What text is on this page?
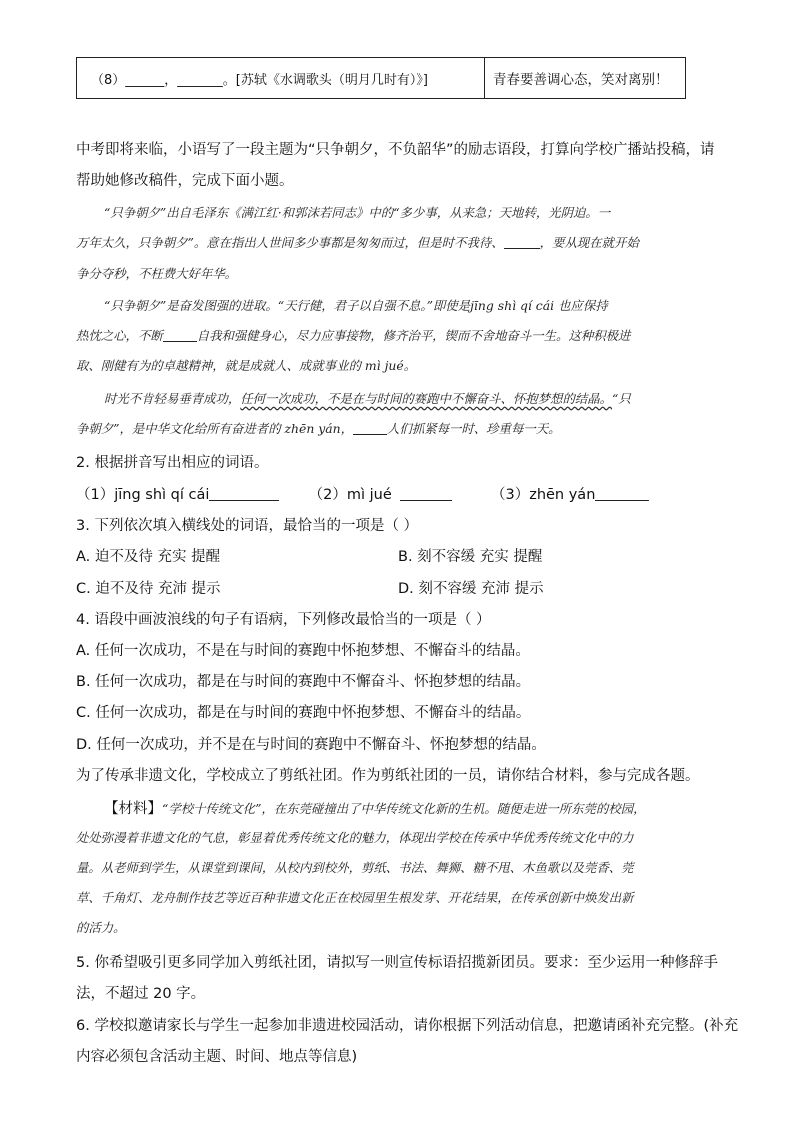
（8）______，_______。[苏轼《水调歌头（明月几时有）》]	青春要善调心态，笑对离别！
中考即将来临，小语写了一段主题为“只争朝夕，不负韶华”的励志语段，打算向学校广播站投稿，请
帮助她修改稿件，完成下面小题。
“只争朝夕”出自毛泽东《满江红·和郭沫若同志》中的“多少事，从来急；天地转，光阴迫。一
万年太久，只争朝夕”。意在指出人世间多少事都是匆匆而过，但是时不我待、	，要从现在就开始
争分夺秒，不枉费大好年华。
“只争朝夕”是奋发图强的进取。“天行健，君子以自强不息。”即使是jīng shì qí cái 也应保持
热忱之心，不断	自我和强健身心，尽力应事接物，修齐治平，锲而不舍地奋斗一生。这种积极进
取、刚健有为的卓越精神，就是成就人、成就事业的 mì jué。
时光不肯轻易垂青成功，任何一次成功，不是在与时间的赛跑中不懈奋斗、怀抱梦想的结晶。“只
争朝夕”，是中华文化给所有奋进者的 zhēn yán，	人们抓紧每一时、珍重每一天。
2. 根据拼音写出相应的词语。
（1）jīng shì qí cái	（2）mì jué	（3）zhēn yán
3. 下列依次填入横线处的词语，最恰当的一项是（ ）
A. 迫不及待 充实 提醒	B. 刻不容缓 充实 提醒
C. 迫不及待 充沛 提示	D. 刻不容缓 充沛 提示
4. 语段中画波浪线的句子有语病，下列修改最恰当的一项是（ ）
A. 任何一次成功，不是在与时间的赛跑中怀抱梦想、不懈奋斗的结晶。
B. 任何一次成功，都是在与时间的赛跑中不懈奋斗、怀抱梦想的结晶。
C. 任何一次成功，都是在与时间的赛跑中怀抱梦想、不懈奋斗的结晶。
D. 任何一次成功，并不是在与时间的赛跑中不懈奋斗、怀抱梦想的结晶。
为了传承非遗文化，学校成立了剪纸社团。作为剪纸社团的一员，请你结合材料，参与完成各题。
【材料】“学校十传统文化”，在东莞碰撞出了中华传统文化新的生机。随便走进一所东莞的校园，
处处弥漫着非遗文化的气息，彰显着优秀传统文化的魅力，体现出学校在传承中华优秀传统文化中的力
量。从老师到学生，从课堂到课间，从校内到校外，剪纸、书法、舞狮、糖不甩、木鱼歌以及莞香、莞
草、千角灯、龙舟制作技艺等近百种非遗文化正在校园里生根发芽、开花结果，在传承创新中焕发出新
的活力。
5. 你希望吸引更多同学加入剪纸社团，请拟写一则宣传标语招揽新团员。要求：至少运用一种修辞手
法，不超过 20 字。
6. 学校拟邀请家长与学生一起参加非遗进校园活动，请你根据下列活动信息，把邀请函补充完整。(补充
内容必须包含活动主题、时间、地点等信息)
